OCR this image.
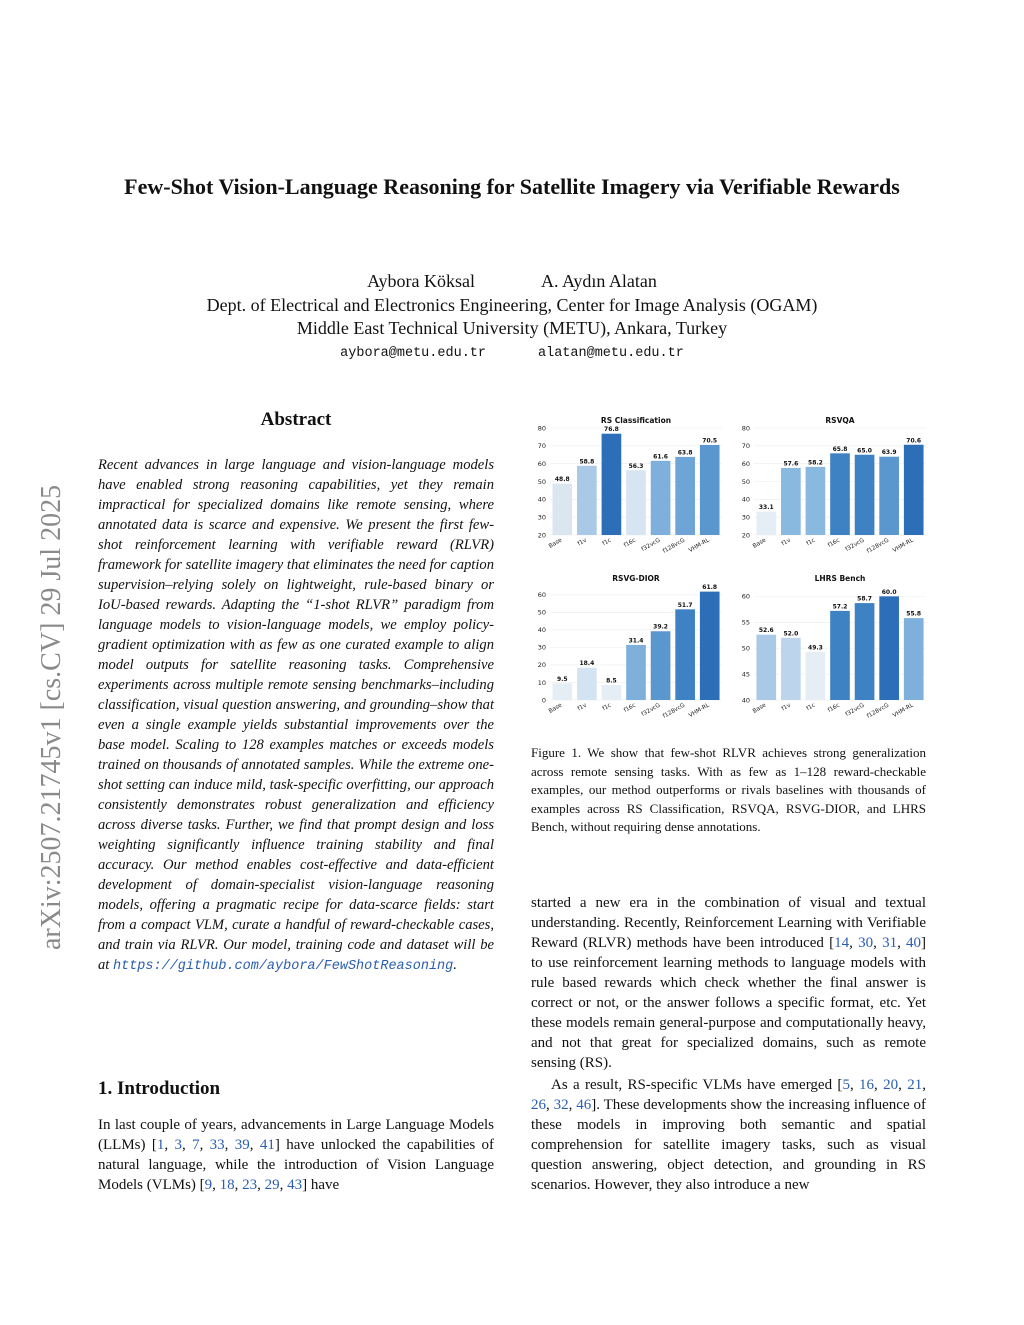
arXiv:2507.21745v1 [cs.CV] 29 Jul 2025
Few-Shot Vision-Language Reasoning for Satellite Imagery via Verifiable Rewards
Aybora Köksal	A. Aydın Alatan
Dept. of Electrical and Electronics Engineering, Center for Image Analysis (OGAM)
Middle East Technical University (METU), Ankara, Turkey
aybora@metu.edu.tr	alatan@metu.edu.tr
Abstract
Recent advances in large language and vision-language models have enabled strong reasoning capabilities, yet they remain impractical for specialized domains like remote sensing, where annotated data is scarce and expensive. We present the first few-shot reinforcement learning with verifiable reward (RLVR) framework for satellite imagery that eliminates the need for caption supervision–relying solely on lightweight, rule-based binary or IoU-based rewards. Adapting the “1-shot RLVR” paradigm from language models to vision-language models, we employ policy-gradient optimization with as few as one curated example to align model outputs for satellite reasoning tasks. Comprehensive experiments across multiple remote sensing benchmarks–including classification, visual question answering, and grounding–show that even a single example yields substantial improvements over the base model. Scaling to 128 examples matches or exceeds models trained on thousands of annotated samples. While the extreme one-shot setting can induce mild, task-specific overfitting, our approach consistently demonstrates robust generalization and efficiency across diverse tasks. Further, we find that prompt design and loss weighting significantly influence training stability and final accuracy. Our method enables cost-effective and data-efficient development of domain-specialist vision-language reasoning models, offering a pragmatic recipe for data-scarce fields: start from a compact VLM, curate a handful of reward-checkable cases, and train via RLVR. Our model, training code and dataset will be at https://github.com/aybora/FewShotReasoning.
1. Introduction
In last couple of years, advancements in Large Language Models (LLMs) [1, 3, 7, 33, 39, 41] have unlocked the capabilities of natural language, while the introduction of Vision Language Models (VLMs) [9, 18, 23, 29, 43] have
RS Classification
20
30
40
50
60
70
80
48.8
Base
58.8
f1v
76.8
f1c
56.3
f16c
61.6
f32vcG
63.8
f128vcG
70.5
VHM-RL
RSVQA
20
30
40
50
60
70
80
33.1
Base
57.6
f1v
58.2
f1c
65.8
f16c
65.0
f32vcG
63.9
f128vcG
70.6
VHM-RL
RSVG-DIOR
0
10
20
30
40
50
60
9.5
Base
18.4
f1v
8.5
f1c
31.4
f16c
39.2
f32vcG
51.7
f128vcG
61.8
VHM-RL
LHRS Bench
40
45
50
55
60
52.6
Base
52.0
f1v
49.3
f1c
57.2
f16c
58.7
f32vcG
60.0
f128vcG
55.8
VHM-RL
Figure 1. We show that few-shot RLVR achieves strong generalization across remote sensing tasks. With as few as 1–128 reward-checkable examples, our method outperforms or rivals baselines with thousands of examples across RS Classification, RSVQA, RSVG-DIOR, and LHRS Bench, without requiring dense annotations.
started a new era in the combination of visual and textual understanding. Recently, Reinforcement Learning with Verifiable Reward (RLVR) methods have been introduced [14, 30, 31, 40] to use reinforcement learning methods to language models with rule based rewards which check whether the final answer is correct or not, or the answer follows a specific format, etc. Yet these models remain general-purpose and computationally heavy, and not that great for specialized domains, such as remote sensing (RS).
As a result, RS-specific VLMs have emerged [5, 16, 20, 21, 26, 32, 46]. These developments show the increasing influence of these models in improving both semantic and spatial comprehension for satellite imagery tasks, such as visual question answering, object detection, and grounding in RS scenarios. However, they also introduce a new
